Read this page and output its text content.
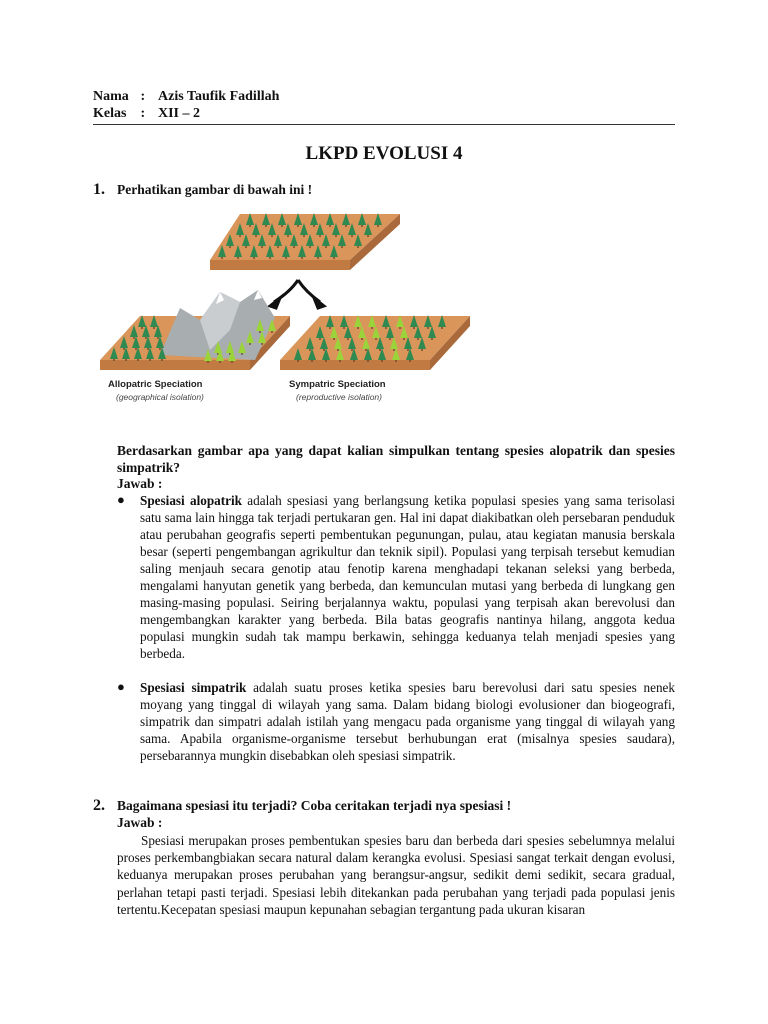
Nama : Azis Taufik Fadillah
Kelas : XII – 2
LKPD EVOLUSI 4
1. Perhatikan gambar di bawah ini !
Allopatric Speciation
(geographical isolation)
Sympatric Speciation
(reproductive isolation)
Berdasarkan gambar apa yang dapat kalian simpulkan tentang spesies alopatrik dan spesies simpatrik?
Jawab :
● Spesiasi alopatrik adalah spesiasi yang berlangsung ketika populasi spesies yang sama terisolasi satu sama lain hingga tak terjadi pertukaran gen. Hal ini dapat diakibatkan oleh persebaran penduduk atau perubahan geografis seperti pembentukan pegunungan, pulau, atau kegiatan manusia berskala besar (seperti pengembangan agrikultur dan teknik sipil). Populasi yang terpisah tersebut kemudian saling menjauh secara genotip atau fenotip karena menghadapi tekanan seleksi yang berbeda, mengalami hanyutan genetik yang berbeda, dan kemunculan mutasi yang berbeda di lungkang gen masing-masing populasi. Seiring berjalannya waktu, populasi yang terpisah akan berevolusi dan mengembangkan karakter yang berbeda. Bila batas geografis nantinya hilang, anggota kedua populasi mungkin sudah tak mampu berkawin, sehingga keduanya telah menjadi spesies yang berbeda.
● Spesiasi simpatrik adalah suatu proses ketika spesies baru berevolusi dari satu spesies nenek moyang yang tinggal di wilayah yang sama. Dalam bidang biologi evolusioner dan biogeografi, simpatrik dan simpatri adalah istilah yang mengacu pada organisme yang tinggal di wilayah yang sama. Apabila organisme-organisme tersebut berhubungan erat (misalnya spesies saudara), persebarannya mungkin disebabkan oleh spesiasi simpatrik.
2. Bagaimana spesiasi itu terjadi? Coba ceritakan terjadi nya spesiasi !
Jawab :
Spesiasi merupakan proses pembentukan spesies baru dan berbeda dari spesies sebelumnya melalui proses perkembangbiakan secara natural dalam kerangka evolusi. Spesiasi sangat terkait dengan evolusi, keduanya merupakan proses perubahan yang berangsur-angsur, sedikit demi sedikit, secara gradual, perlahan tetapi pasti terjadi. Spesiasi lebih ditekankan pada perubahan yang terjadi pada populasi jenis tertentu.Kecepatan spesiasi maupun kepunahan sebagian tergantung pada ukuran kisaran
